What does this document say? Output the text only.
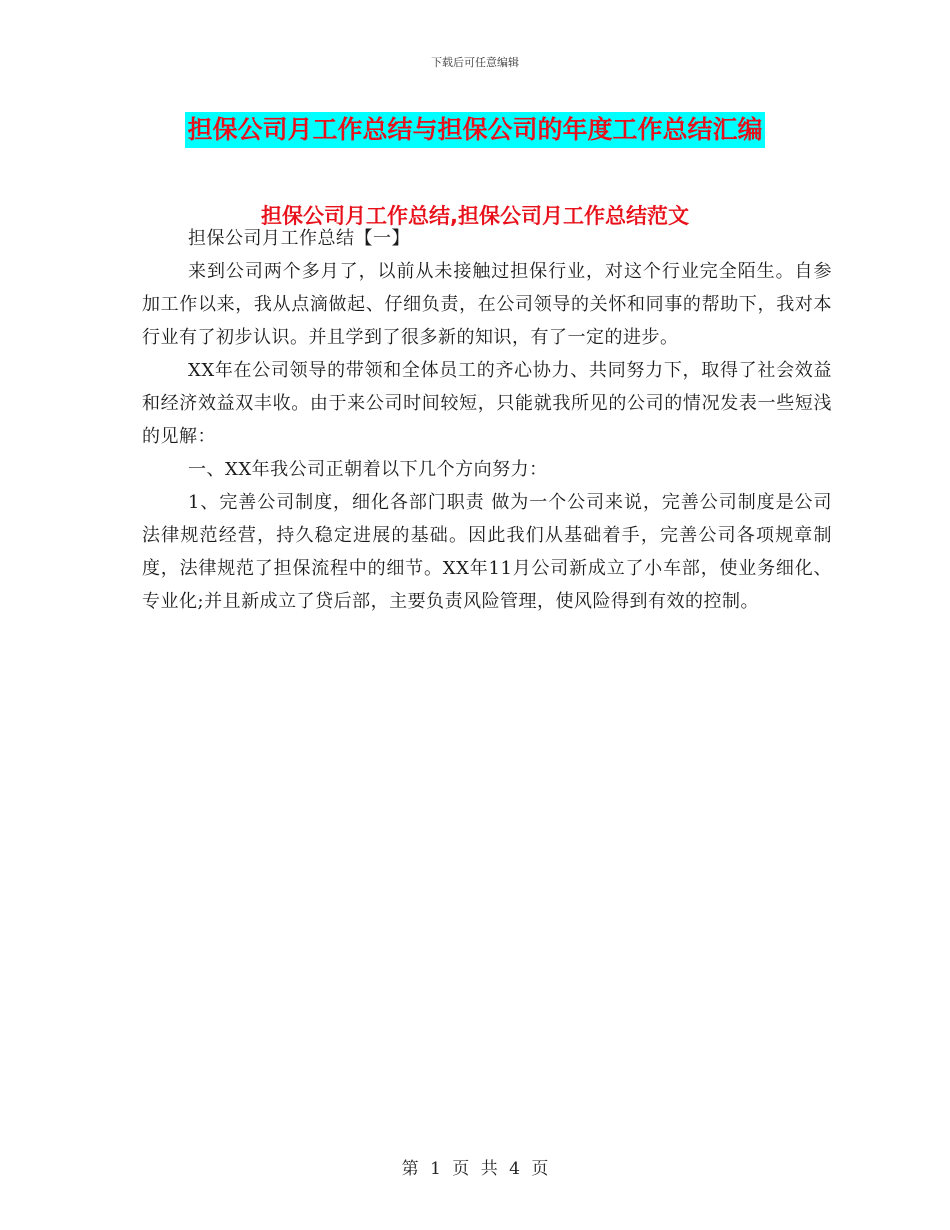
下载后可任意编辑
担保公司月工作总结与担保公司的年度工作总结汇编
担保公司月工作总结,担保公司月工作总结范文

担保公司月工作总结【一】

来到公司两个多月了，以前从未接触过担保行业，对这个行业完全陌生。自参加工作以来，我从点滴做起、仔细负责，在公司领导的关怀和同事的帮助下，我对本行业有了初步认识。并且学到了很多新的知识，有了一定的进步。

XX年在公司领导的带领和全体员工的齐心协力、共同努力下，取得了社会效益和经济效益双丰收。由于来公司时间较短，只能就我所见的公司的情况发表一些短浅的见解：

一、XX年我公司正朝着以下几个方向努力：

1、完善公司制度，细化各部门职责 做为一个公司来说，完善公司制度是公司法律规范经营，持久稳定进展的基础。因此我们从基础着手，完善公司各项规章制度，法律规范了担保流程中的细节。XX年11月公司新成立了小车部，使业务细化、专业化;并且新成立了贷后部，主要负责风险管理，使风险得到有效的控制。

第 1 页 共 4 页
